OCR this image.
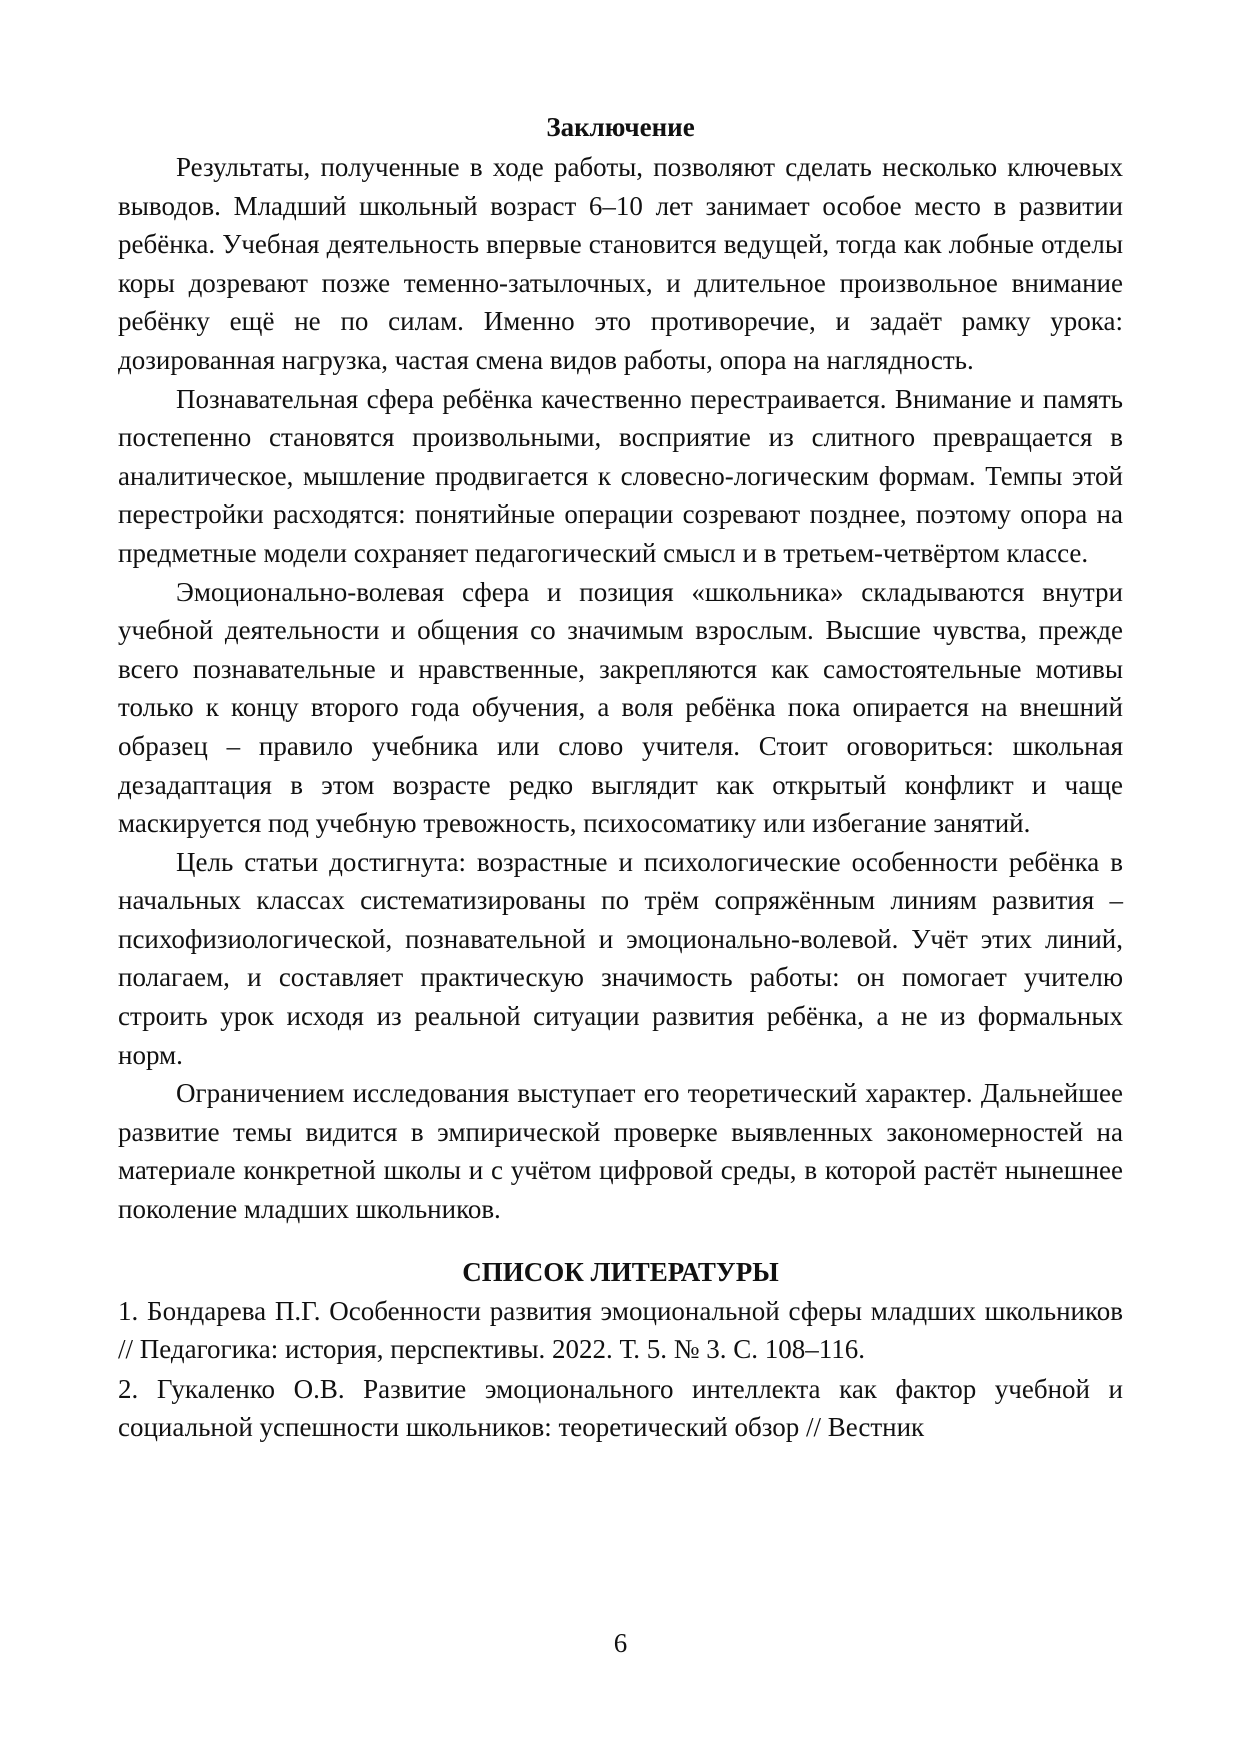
Заключение

Результаты, полученные в ходе работы, позволяют сделать несколько ключевых выводов. Младший школьный возраст 6–10 лет занимает особое место в развитии ребёнка. Учебная деятельность впервые становится ведущей, тогда как лобные отделы коры дозревают позже теменно-затылочных, и длительное произвольное внимание ребёнку ещё не по силам. Именно это противоречие, и задаёт рамку урока: дозированная нагрузка, частая смена видов работы, опора на наглядность.

Познавательная сфера ребёнка качественно перестраивается. Внимание и память постепенно становятся произвольными, восприятие из слитного превращается в аналитическое, мышление продвигается к словесно-логическим формам. Темпы этой перестройки расходятся: понятийные операции созревают позднее, поэтому опора на предметные модели сохраняет педагогический смысл и в третьем-четвёртом классе.

Эмоционально-волевая сфера и позиция «школьника» складываются внутри учебной деятельности и общения со значимым взрослым. Высшие чувства, прежде всего познавательные и нравственные, закрепляются как самостоятельные мотивы только к концу второго года обучения, а воля ребёнка пока опирается на внешний образец – правило учебника или слово учителя. Стоит оговориться: школьная дезадаптация в этом возрасте редко выглядит как открытый конфликт и чаще маскируется под учебную тревожность, психосоматику или избегание занятий.

Цель статьи достигнута: возрастные и психологические особенности ребёнка в начальных классах систематизированы по трём сопряжённым линиям развития – психофизиологической, познавательной и эмоционально-волевой. Учёт этих линий, полагаем, и составляет практическую значимость работы: он помогает учителю строить урок исходя из реальной ситуации развития ребёнка, а не из формальных норм.

Ограничением исследования выступает его теоретический характер. Дальнейшее развитие темы видится в эмпирической проверке выявленных закономерностей на материале конкретной школы и с учётом цифровой среды, в которой растёт нынешнее поколение младших школьников.

СПИСОК ЛИТЕРАТУРЫ

1. Бондарева П.Г. Особенности развития эмоциональной сферы младших школьников // Педагогика: история, перспективы. 2022. Т. 5. № 3. С. 108–116.

2. Гукаленко О.В. Развитие эмоционального интеллекта как фактор учебной и социальной успешности школьников: теоретический обзор // Вестник

6
